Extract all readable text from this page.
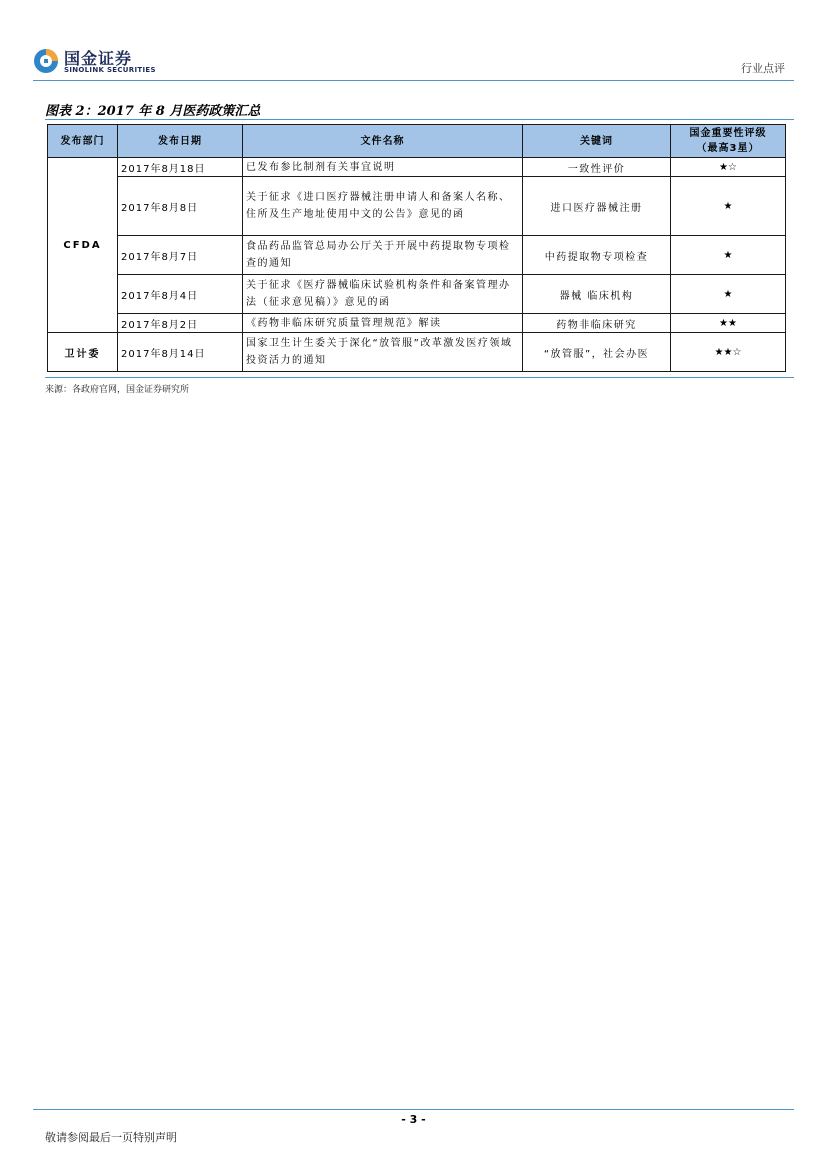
国金证券
SINOLINK SECURITIES	行业点评
图表 2：2017 年 8 月医药政策汇总
发布部门	发布日期	文件名称	关键词	国金重要性评级
（最高3星）

CFDA	2017年8月18日	已发布参比制剂有关事宜说明	一致性评价	★☆
	2017年8月8日	关于征求《进口医疗器械注册申请人和备案人名称、住所及生产地址使用中文的公告》意见的函	进口医疗器械注册	★
	2017年8月7日	食品药品监管总局办公厅关于开展中药提取物专项检查的通知	中药提取物专项检查	★
	2017年8月4日	关于征求《医疗器械临床试验机构条件和备案管理办法（征求意见稿）》意见的函	器械 临床机构	★
	2017年8月2日	《药物非临床研究质量管理规范》解读	药物非临床研究	★★
卫计委	2017年8月14日	国家卫生计生委关于深化“放管服”改革激发医疗领域投资活力的通知	“放管服”，社会办医	★★☆
来源：各政府官网，国金证券研究所
- 3 -
敬请参阅最后一页特别声明
